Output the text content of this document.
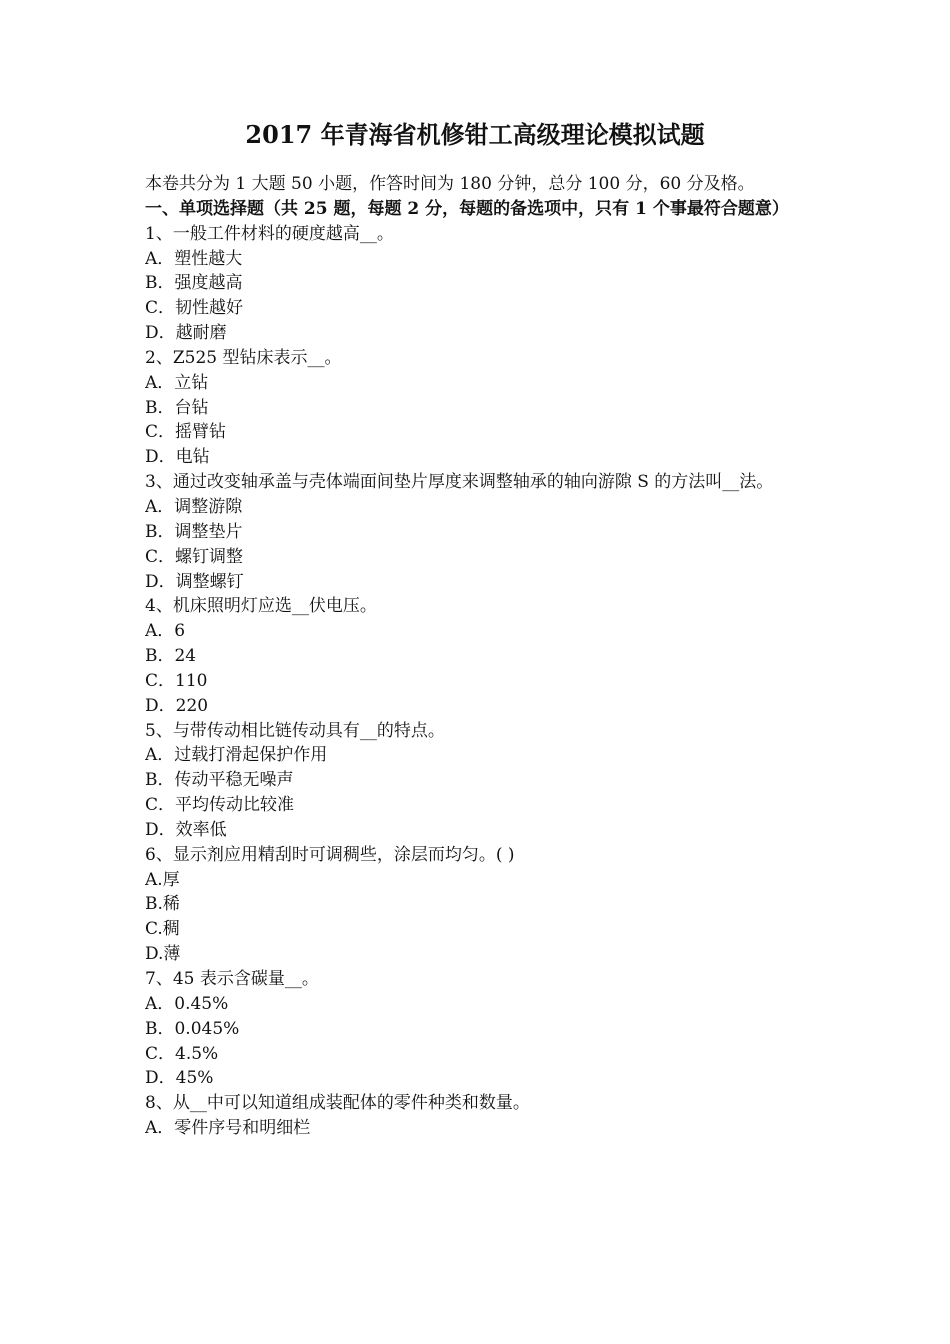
2017 年青海省机修钳工高级理论模拟试题
本卷共分为 1 大题 50 小题，作答时间为 180 分钟，总分 100 分，60 分及格。
一、单项选择题（共 25 题，每题 2 分，每题的备选项中，只有 1 个事最符合题意）
1、一般工件材料的硬度越高__。
A．塑性越大
B．强度越高
C．韧性越好
D．越耐磨
2、Z525 型钻床表示__。
A．立钻
B．台钻
C．摇臂钻
D．电钻
3、通过改变轴承盖与壳体端面间垫片厚度来调整轴承的轴向游隙 S 的方法叫__法。
A．调整游隙
B．调整垫片
C．螺钉调整
D．调整螺钉
4、机床照明灯应选__伏电压。
A．6
B．24
C．110
D．220
5、与带传动相比链传动具有__的特点。
A．过载打滑起保护作用
B．传动平稳无噪声
C．平均传动比较准
D．效率低
6、显示剂应用精刮时可调稠些，涂层而均匀。( )
A.厚
B.稀
C.稠
D.薄
7、45 表示含碳量__。
A．0.45%
B．0.045%
C．4.5%
D．45%
8、从__中可以知道组成装配体的零件种类和数量。
A．零件序号和明细栏
